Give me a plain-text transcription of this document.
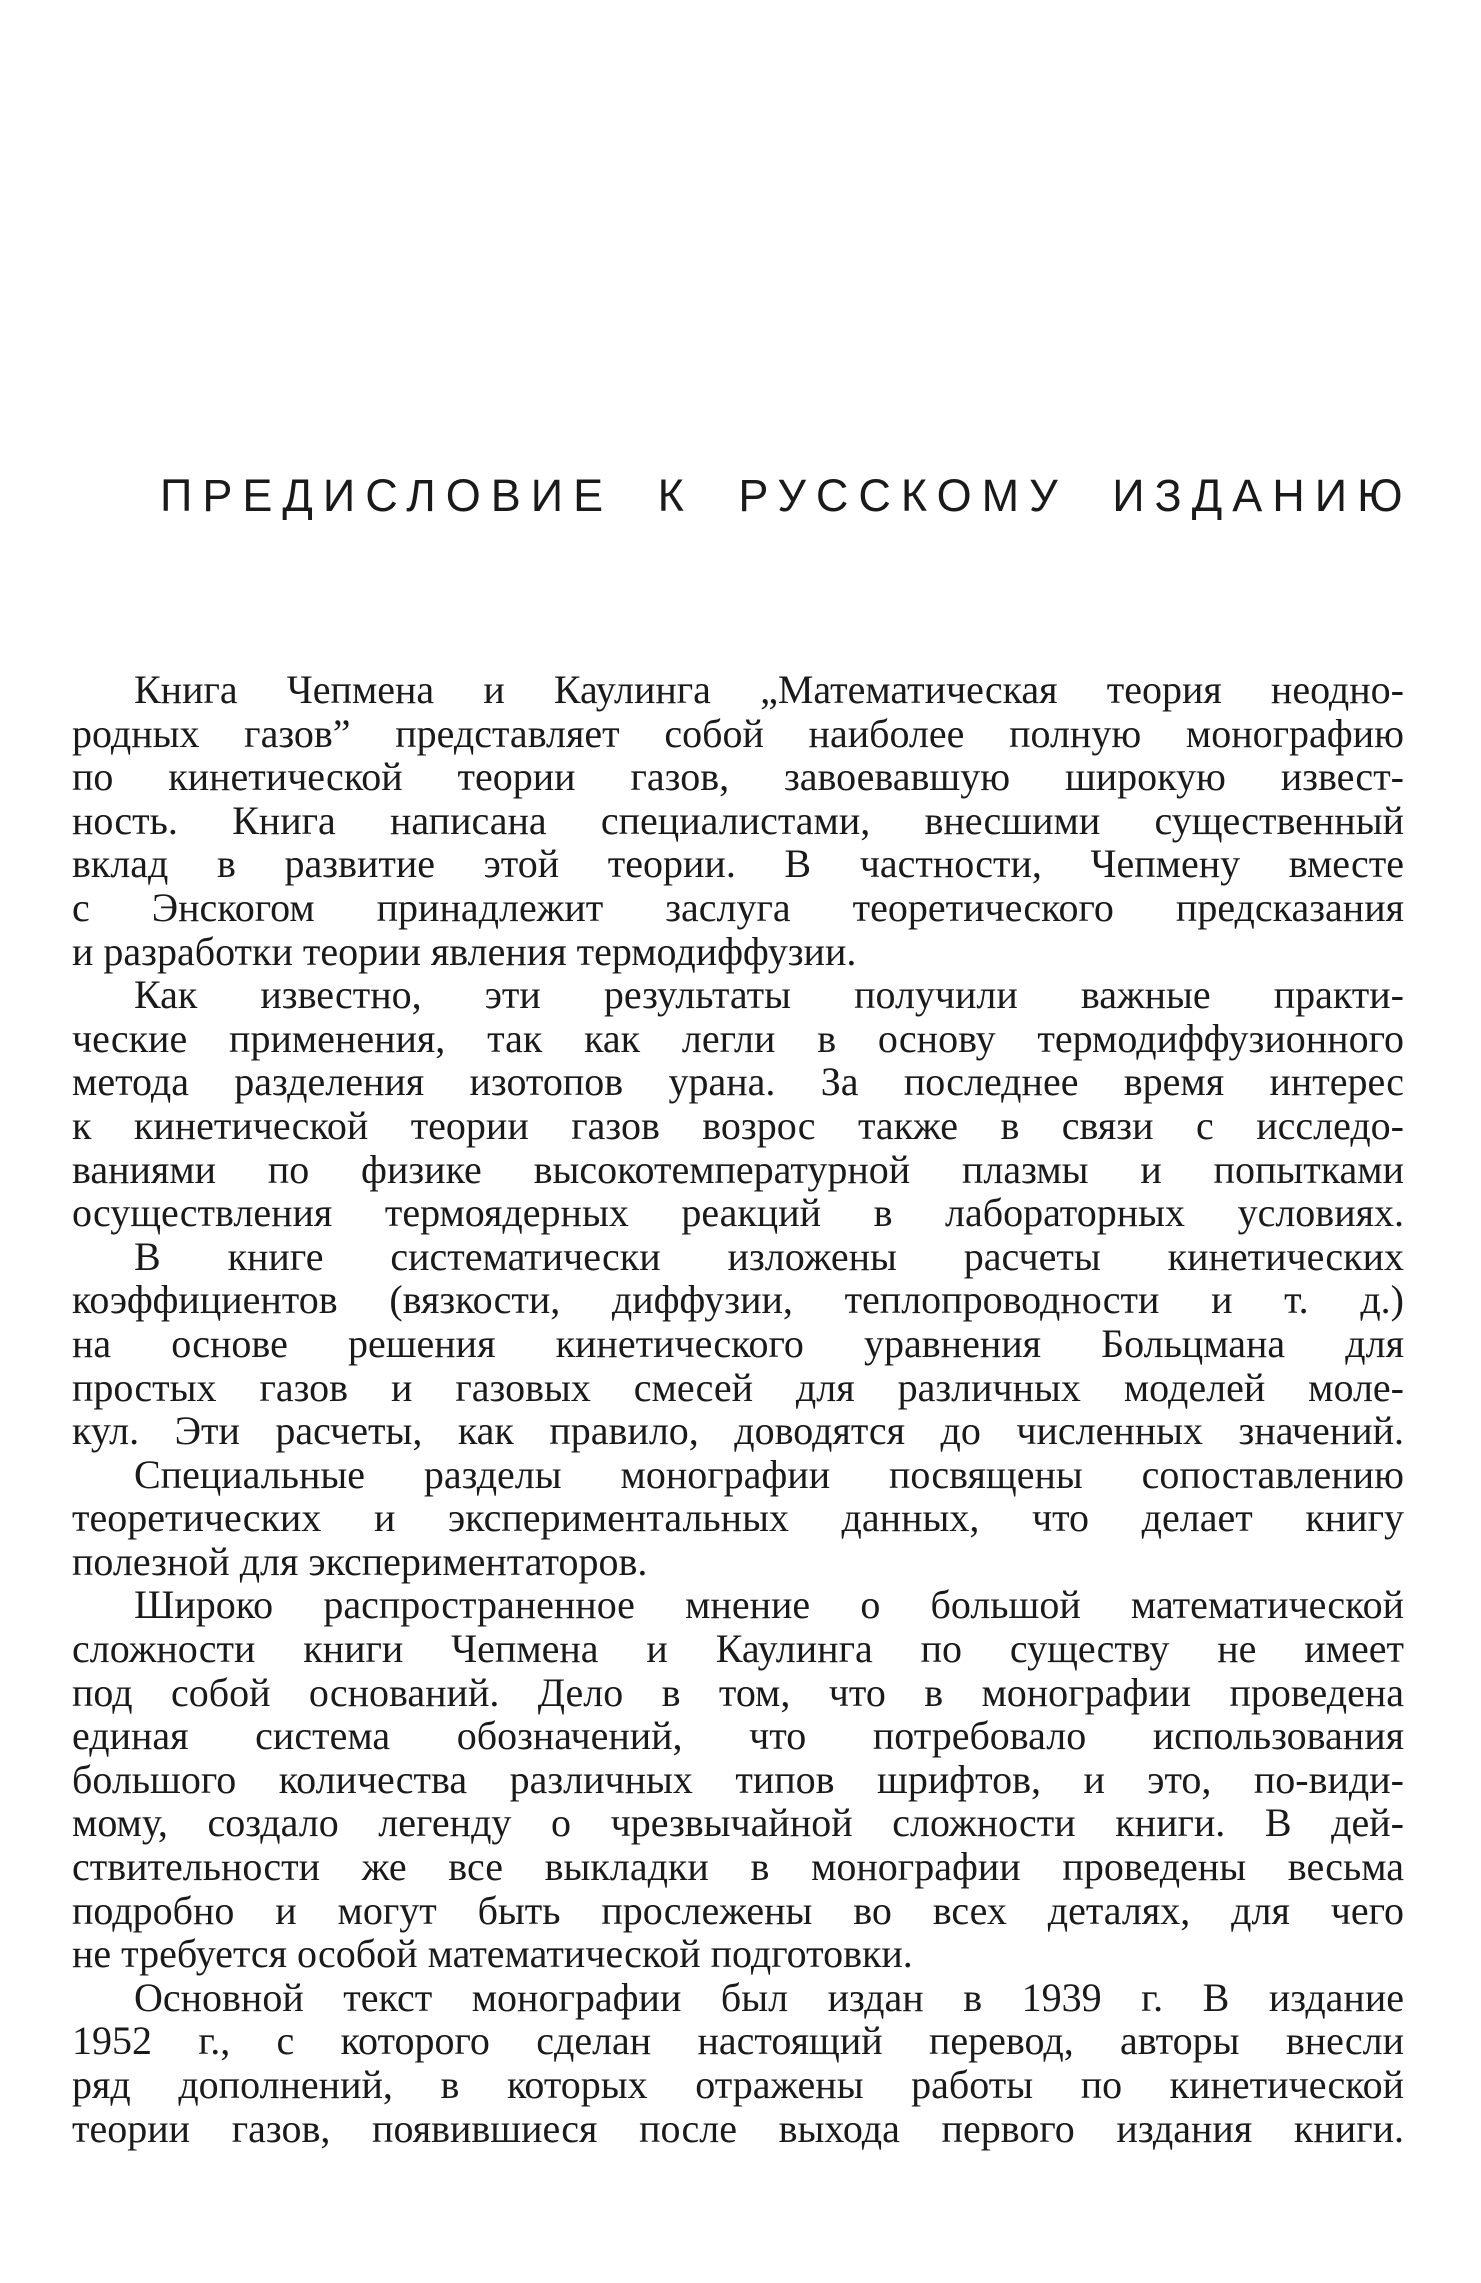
ПРЕДИСЛОВИЕ К РУССКОМУ ИЗДАНИЮ
Книга Чепмена и Каулинга „Математическая теория неодно-
родных газов” представляет собой наиболее полную монографию
по кинетической теории газов, завоевавшую широкую извест-
ность. Книга написана специалистами, внесшими существенный
вклад в развитие этой теории. В частности, Чепмену вместе
с Энскогом принадлежит заслуга теоретического предсказания
и разработки теории явления термодиффузии.
Как известно, эти результаты получили важные практи-
ческие применения, так как легли в основу термодиффузионного
метода разделения изотопов урана. За последнее время интерес
к кинетической теории газов возрос также в связи с исследо-
ваниями по физике высокотемпературной плазмы и попытками
осуществления термоядерных реакций в лабораторных условиях.
В книге систематически изложены расчеты кинетических
коэффициентов (вязкости, диффузии, теплопроводности и т. д.)
на основе решения кинетического уравнения Больцмана для
простых газов и газовых смесей для различных моделей моле-
кул. Эти расчеты, как правило, доводятся до численных значений.
Специальные разделы монографии посвящены сопоставлению
теоретических и экспериментальных данных, что делает книгу
полезной для экспериментаторов.
Широко распространенное мнение о большой математической
сложности книги Чепмена и Каулинга по существу не имеет
под собой оснований. Дело в том, что в монографии проведена
единая система обозначений, что потребовало использования
большого количества различных типов шрифтов, и это, по-види-
мому, создало легенду о чрезвычайной сложности книги. В дей-
ствительности же все выкладки в монографии проведены весьма
подробно и могут быть прослежены во всех деталях, для чего
не требуется особой математической подготовки.
Основной текст монографии был издан в 1939 г. В издание
1952 г., с которого сделан настоящий перевод, авторы внесли
ряд дополнений, в которых отражены работы по кинетической
теории газов, появившиеся после выхода первого издания книги.
